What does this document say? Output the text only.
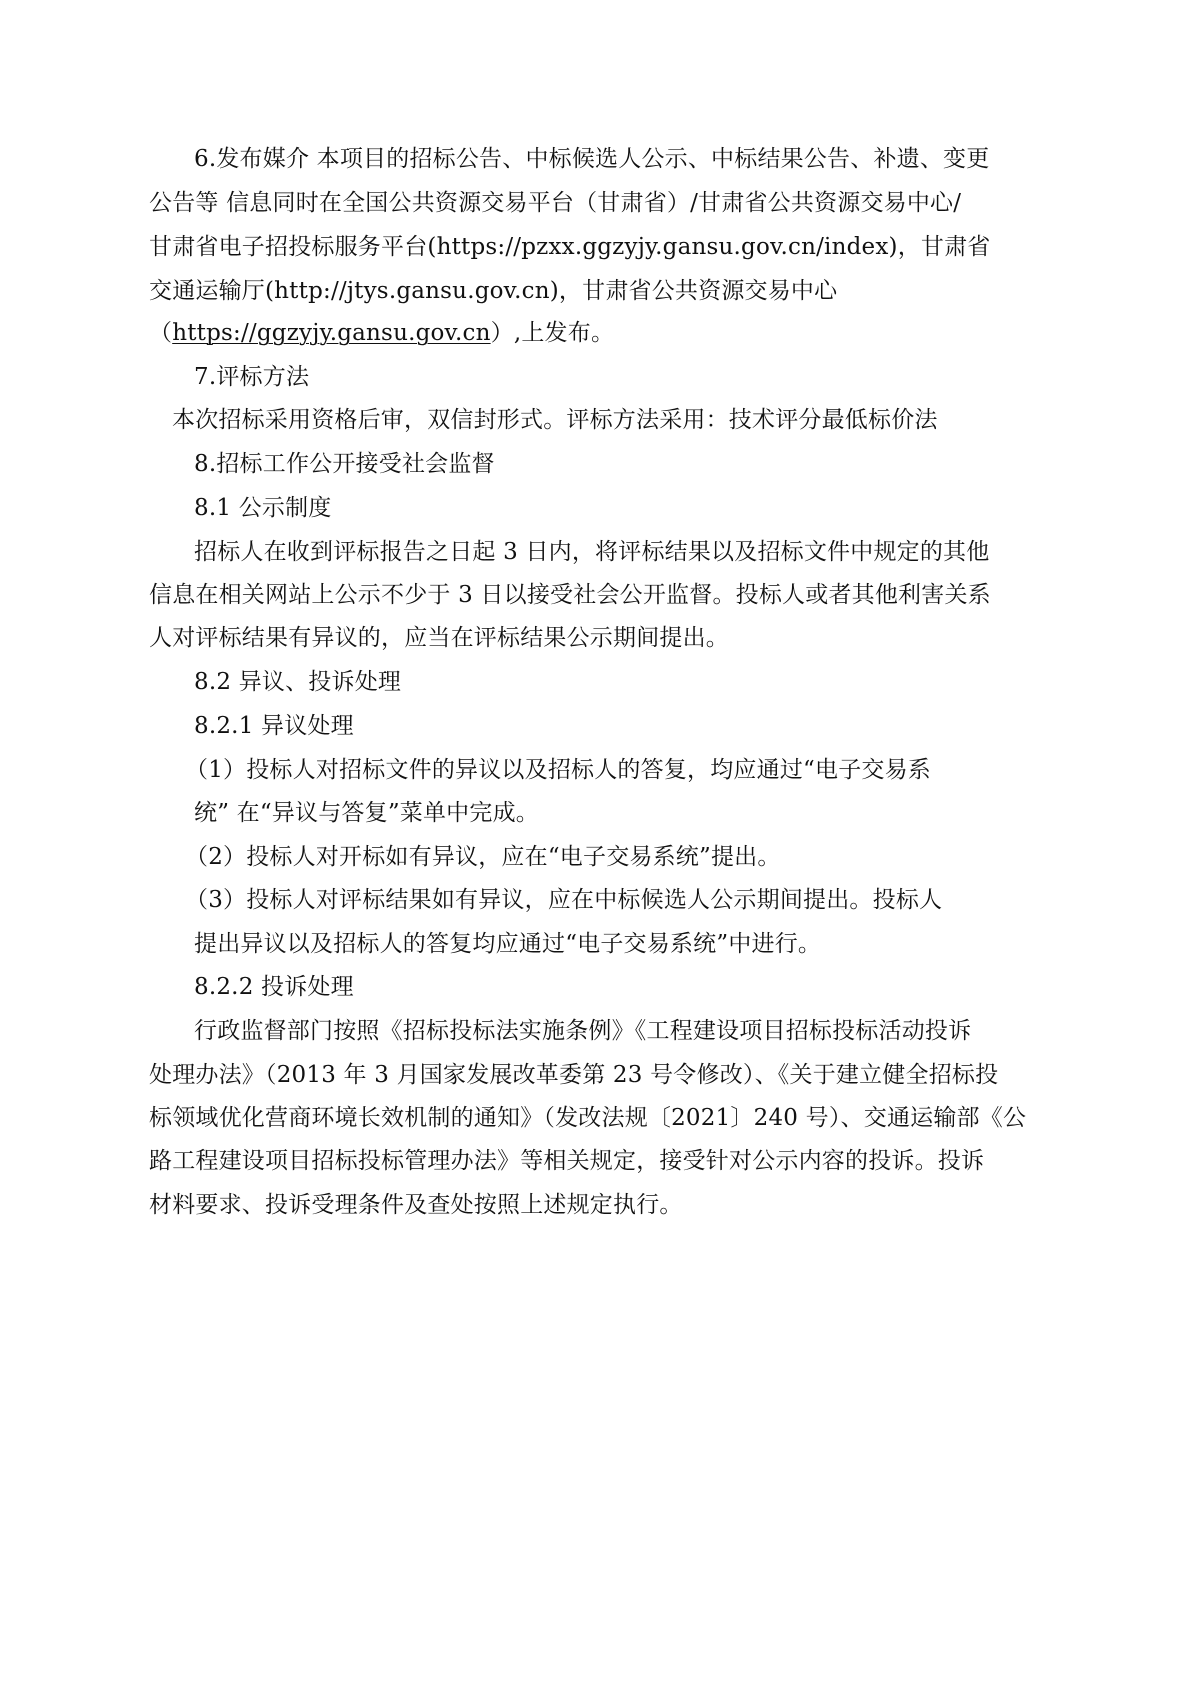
6.发布媒介 本项目的招标公告、中标候选人公示、中标结果公告、补遗、变更

公告等 信息同时在全国公共资源交易平台（甘肃省）/甘肃省公共资源交易中心/

甘肃省电子招投标服务平台(https://pzxx.ggzyjy.gansu.gov.cn/index)，甘肃省

交通运输厅(http://jtys.gansu.gov.cn)，甘肃省公共资源交易中心

（https://ggzyjy.gansu.gov.cn）,上发布。

7.评标方法

本次招标采用资格后审，双信封形式。评标方法采用：技术评分最低标价法

8.招标工作公开接受社会监督

8.1 公示制度

招标人在收到评标报告之日起 3 日内，将评标结果以及招标文件中规定的其他

信息在相关网站上公示不少于 3 日以接受社会公开监督。投标人或者其他利害关系

人对评标结果有异议的，应当在评标结果公示期间提出。

8.2 异议、投诉处理

8.2.1 异议处理

（1）投标人对招标文件的异议以及招标人的答复，均应通过“电子交易系

统” 在“异议与答复”菜单中完成。

（2）投标人对开标如有异议，应在“电子交易系统”提出。

（3）投标人对评标结果如有异议，应在中标候选人公示期间提出。投标人

提出异议以及招标人的答复均应通过“电子交易系统”中进行。

8.2.2 投诉处理

行政监督部门按照《招标投标法实施条例》《工程建设项目招标投标活动投诉

处理办法》（2013 年 3 月国家发展改革委第 23 号令修改）、《关于建立健全招标投

标领域优化营商环境长效机制的通知》（发改法规〔2021〕240 号）、交通运输部《公

路工程建设项目招标投标管理办法》等相关规定，接受针对公示内容的投诉。投诉

材料要求、投诉受理条件及查处按照上述规定执行。
